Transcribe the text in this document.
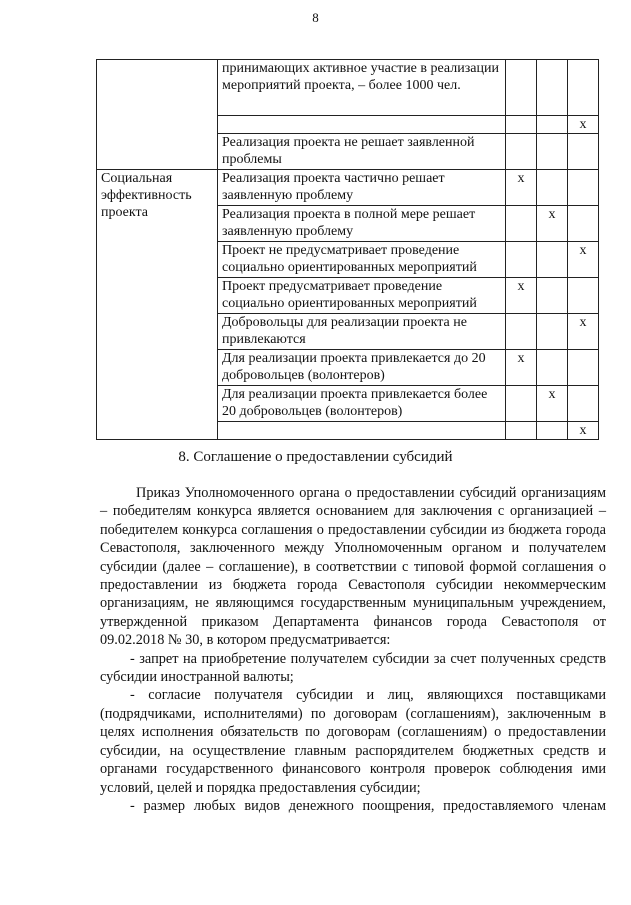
8
	принимающих активное участие в реализации мероприятий проекта, – более 1000 чел.			
				x
	Реализация проекта не решает заявленной проблемы			
Социальная эффективность проекта	Реализация проекта частично решает заявленную проблему	x		
	Реализация проекта в полной мере решает заявленную проблему		x	
	Проект не предусматривает проведение социально ориентированных мероприятий			x
	Проект предусматривает проведение социально ориентированных мероприятий	x		
	Добровольцы для реализации проекта не привлекаются			x
	Для реализации проекта привлекается до 20 добровольцев (волонтеров)	x		
	Для реализации проекта привлекается более 20 добровольцев (волонтеров)		x	
				x
8. Соглашение о предоставлении субсидий

Приказ Уполномоченного органа о предоставлении субсидий организациям – победителям конкурса является основанием для заключения с организацией – победителем конкурса соглашения о предоставлении субсидии из бюджета города Севастополя, заключенного между Уполномоченным органом и получателем субсидии (далее – соглашение), в соответствии с типовой формой соглашения о предоставлении из бюджета города Севастополя субсидии некоммерческим организациям, не являющимся государственным муниципальным учреждением, утвержденной приказом Департамента финансов города Севастополя от 09.02.2018 № 30, в котором предусматривается:

- запрет на приобретение получателем субсидии за счет полученных средств субсидии иностранной валюты;

- согласие получателя субсидии и лиц, являющихся поставщиками (подрядчиками, исполнителями) по договорам (соглашениям), заключенным в целях исполнения обязательств по договорам (соглашениям) о предоставлении субсидии, на осуществление главным распорядителем бюджетных средств и органами государственного финансового контроля проверок соблюдения ими условий, целей и порядка предоставления субсидии;

- размер любых видов денежного поощрения, предоставляемого членам
